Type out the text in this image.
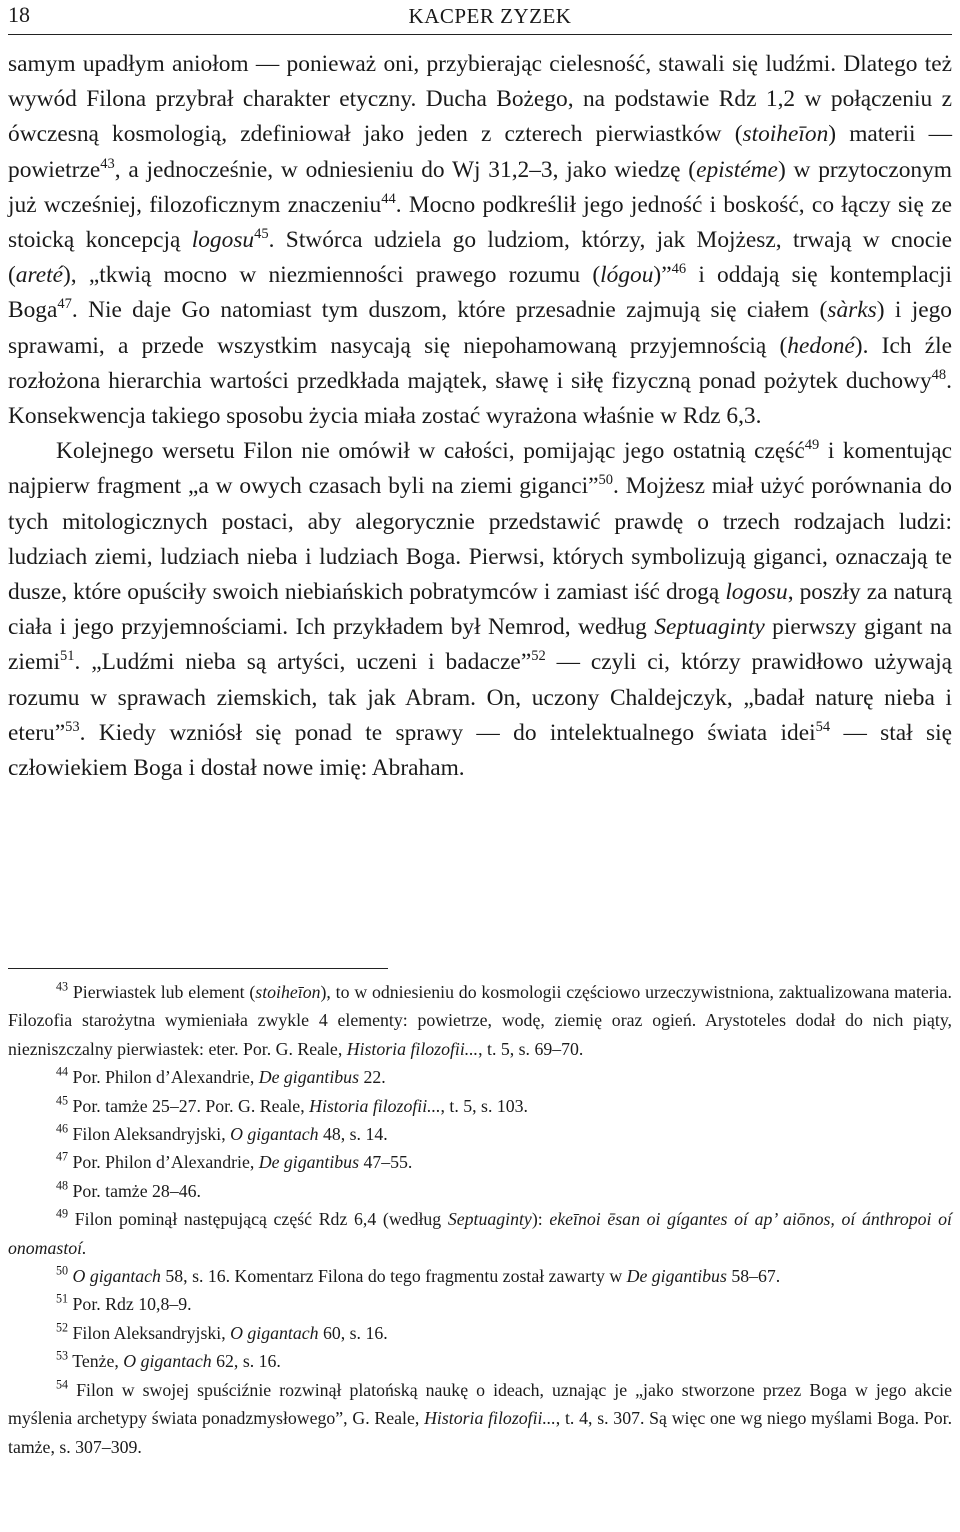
18	KACPER ZYZEK

samym upadłym aniołom — ponieważ oni, przybierając cielesność, stawali się ludźmi. Dlatego też wywód Filona przybrał charakter etyczny. Ducha Bożego, na podstawie Rdz 1,2 w połączeniu z ówczesną kosmologią, zdefiniował jako jeden z czterech pierwiastków (stoiheīon) materii — powietrze$^{43}$, a jednocześnie, w odniesieniu do Wj 31,2–3, jako wiedzę (epistéme) w przytoczonym już wcześniej, filozoficznym znaczeniu$^{44}$. Mocno podkreślił jego jedność i boskość, co łączy się ze stoicką koncepcją logosu$^{45}$. Stwórca udziela go ludziom, którzy, jak Mojżesz, trwają w cnocie (areté), „tkwią mocno w niezmienności prawego rozumu (lógou)”$^{46}$ i oddają się kontemplacji Boga$^{47}$. Nie daje Go natomiast tym duszom, które przesadnie zajmują się ciałem (sàrks) i jego sprawami, a przede wszystkim nasycają się niepohamowaną przyjemnością (hedoné). Ich źle rozłożona hierarchia wartości przedkłada majątek, sławę i siłę fizyczną ponad pożytek duchowy$^{48}$. Konsekwencja takiego sposobu życia miała zostać wyrażona właśnie w Rdz 6,3.

Kolejnego wersetu Filon nie omówił w całości, pomijając jego ostatnią część$^{49}$ i komentując najpierw fragment „a w owych czasach byli na ziemi giganci”$^{50}$. Mojżesz miał użyć porównania do tych mitologicznych postaci, aby alegorycznie przedstawić prawdę o trzech rodzajach ludzi: ludziach ziemi, ludziach nieba i ludziach Boga. Pierwsi, których symbolizują giganci, oznaczają te dusze, które opuściły swoich niebiańskich pobratymców i zamiast iść drogą logosu, poszły za naturą ciała i jego przyjemnościami. Ich przykładem był Nemrod, według Septuaginty pierwszy gigant na ziemi$^{51}$. „Ludźmi nieba są artyści, uczeni i badacze”$^{52}$ — czyli ci, którzy prawidłowo używają rozumu w sprawach ziemskich, tak jak Abram. On, uczony Chaldejczyk, „badał naturę nieba i eteru”$^{53}$. Kiedy wzniósł się ponad te sprawy — do intelektualnego świata idei$^{54}$ — stał się człowiekiem Boga i dostał nowe imię: Abraham.

$^{43}$ Pierwiastek lub element (stoiheīon), to w odniesieniu do kosmologii częściowo urzeczywistniona, zaktualizowana materia. Filozofia starożytna wymieniała zwykle 4 elementy: powietrze, wodę, ziemię oraz ogień. Arystoteles dodał do nich piąty, niezniszczalny pierwiastek: eter. Por. G. Reale, Historia filozofii..., t. 5, s. 69–70.

$^{44}$ Por. Philon d’Alexandrie, De gigantibus 22.

$^{45}$ Por. tamże 25–27. Por. G. Reale, Historia filozofii..., t. 5, s. 103.

$^{46}$ Filon Aleksandryjski, O gigantach 48, s. 14.

$^{47}$ Por. Philon d’Alexandrie, De gigantibus 47–55.

$^{48}$ Por. tamże 28–46.

$^{49}$ Filon pominął następującą część Rdz 6,4 (według Septuaginty): ekeīnoi ēsan oi gígantes oí ap’ aiōnos, oí ánthropoi oí onomastoí.

$^{50}$ O gigantach 58, s. 16. Komentarz Filona do tego fragmentu został zawarty w De gigantibus 58–67.

$^{51}$ Por. Rdz 10,8–9.

$^{52}$ Filon Aleksandryjski, O gigantach 60, s. 16.

$^{53}$ Tenże, O gigantach 62, s. 16.

$^{54}$ Filon w swojej spuściźnie rozwinął platońską naukę o ideach, uznając je „jako stworzone przez Boga w jego akcie myślenia archetypy świata ponadzmysłowego”, G. Reale, Historia filozofii..., t. 4, s. 307. Są więc one wg niego myślami Boga. Por. tamże, s. 307–309.
